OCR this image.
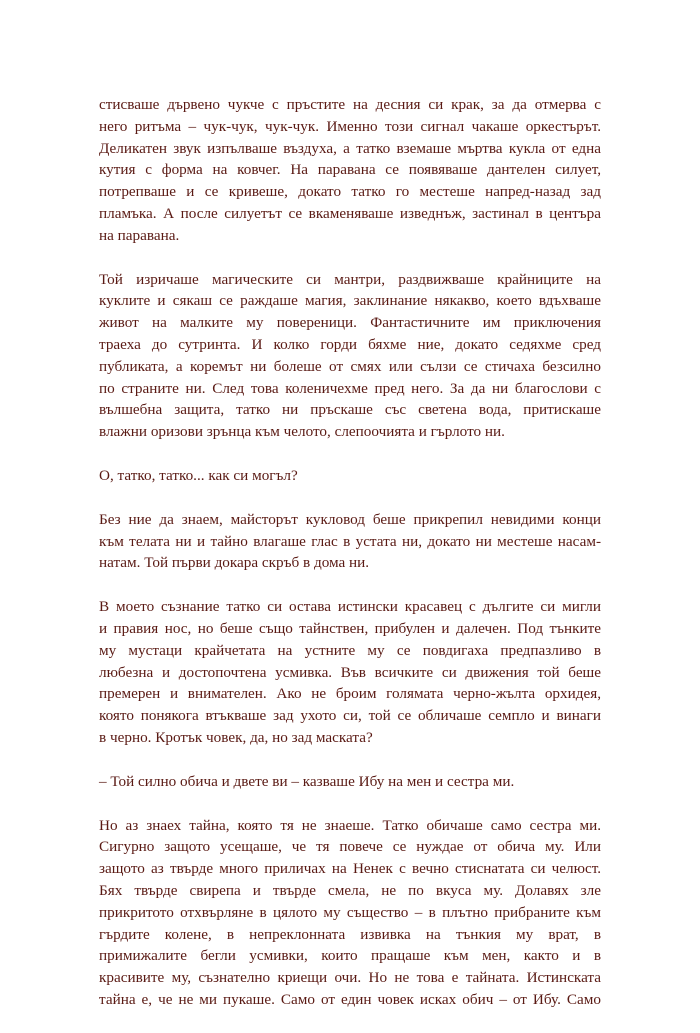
стисваше дървено чукче с пръстите на десния си крак, за да отмерва с
него ритъма – чук-чук, чук-чук. Именно този сигнал чакаше оркестърът.
Деликатен звук изпълваше въздуха, а татко вземаше мъртва кукла от една
кутия с форма на ковчег. На паравана се появяваше дантелен силует,
потрепваше и се кривеше, докато татко го местеше напред-назад зад
пламъка. А после силуетът се вкаменяваше изведнъж, застинал в центъра
на паравана.

Той изричаше магическите си мантри, раздвижваше крайниците на
куклите и сякаш се раждаше магия, заклинание някакво, което вдъхваше
живот на малките му повереници. Фантастичните им приключения
траеха до сутринта. И колко горди бяхме ние, докато седяхме сред
публиката, а коремът ни болеше от смях или сълзи се стичаха безсилно
по страните ни. След това коленичехме пред него. За да ни благослови с
вълшебна защита, татко ни пръскаше със светена вода, притискаше
влажни оризови зрънца към челото, слепоочията и гърлото ни.

О, татко, татко... как си могъл?

Без ние да знаем, майсторът кукловод беше прикрепил невидими конци
към телата ни и тайно влагаше глас в устата ни, докато ни местеше насам-
натам. Той първи докара скръб в дома ни.

В моето съзнание татко си остава истински красавец с дългите си мигли
и правия нос, но беше също тайнствен, прибулен и далечен. Под тънките
му мустаци крайчетата на устните му се повдигаха предпазливо в
любезна и достопочтена усмивка. Във всичките си движения той беше
премерен и внимателен. Ако не броим голямата черно-жълта орхидея,
която понякога втъкваше зад ухото си, той се обличаше семпло и винаги
в черно. Кротък човек, да, но зад маската?

– Той силно обича и двете ви – казваше Ибу на мен и сестра ми.

Но аз знаех тайна, която тя не знаеше. Татко обичаше само сестра ми.
Сигурно защото усещаше, че тя повече се нуждае от обича му. Или
защото аз твърде много приличах на Ненек с вечно стиснатата си челюст.
Бях твърде свирепа и твърде смела, не по вкуса му. Долавях зле
прикритото отхвърляне в цялото му същество – в плътно прибраните към
гърдите колене, в непреклонната извивка на тънкия му врат, в
примижалите бегли усмивки, които пращаше към мен, както и в
красивите му, съзнателно криещи очи. Но не това е тайната. Истинската
тайна е, че не ми пукаше. Само от един човек исках обич – от Ибу. Само
